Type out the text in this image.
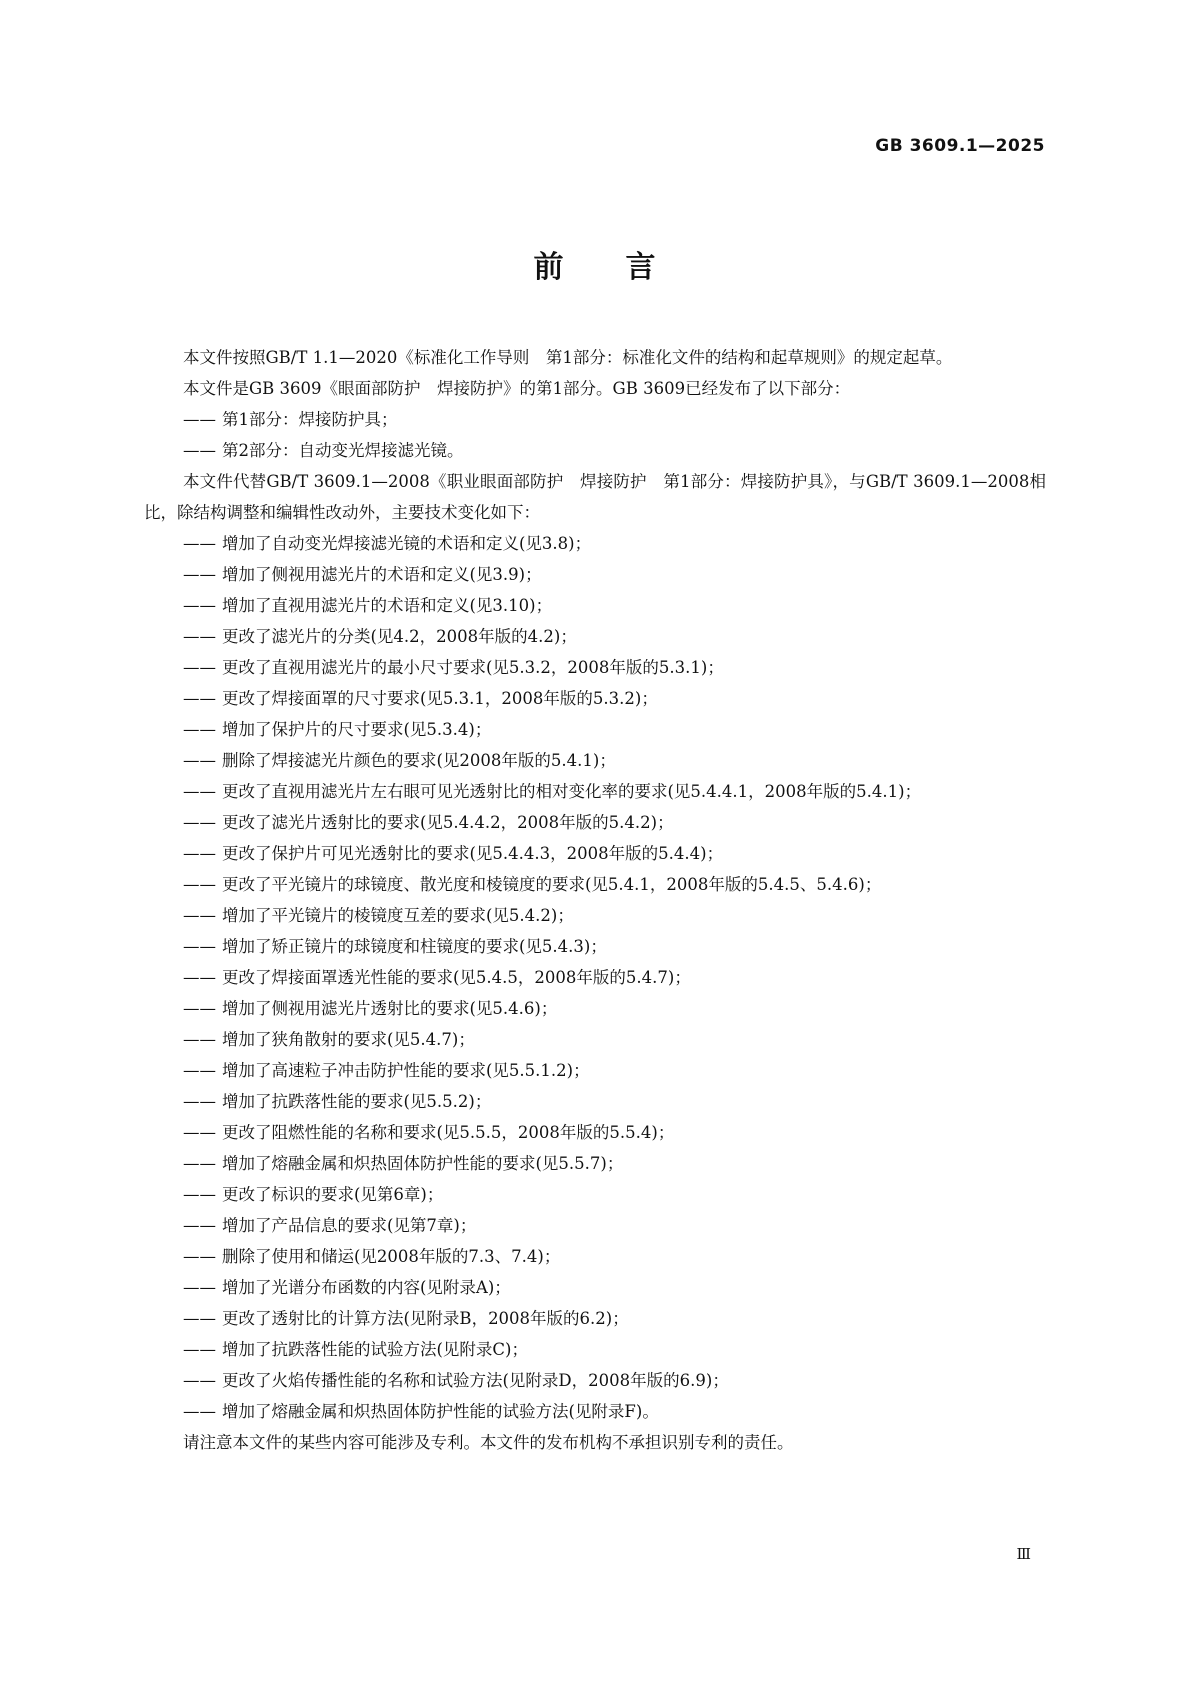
GB 3609.1—2025
前 言

本文件按照GB/T 1.1—2020《标准化工作导则　第1部分：标准化文件的结构和起草规则》的规定起草。

本文件是GB 3609《眼面部防护　焊接防护》的第1部分。GB 3609已经发布了以下部分：

—— 第1部分：焊接防护具；

—— 第2部分：自动变光焊接滤光镜。

本文件代替GB/T 3609.1—2008《职业眼面部防护　焊接防护　第1部分：焊接防护具》，与GB/T 3609.1—2008相比，除结构调整和编辑性改动外，主要技术变化如下：

—— 增加了自动变光焊接滤光镜的术语和定义(见3.8)；

—— 增加了侧视用滤光片的术语和定义(见3.9)；

—— 增加了直视用滤光片的术语和定义(见3.10)；

—— 更改了滤光片的分类(见4.2，2008年版的4.2)；

—— 更改了直视用滤光片的最小尺寸要求(见5.3.2，2008年版的5.3.1)；

—— 更改了焊接面罩的尺寸要求(见5.3.1，2008年版的5.3.2)；

—— 增加了保护片的尺寸要求(见5.3.4)；

—— 删除了焊接滤光片颜色的要求(见2008年版的5.4.1)；

—— 更改了直视用滤光片左右眼可见光透射比的相对变化率的要求(见5.4.4.1，2008年版的5.4.1)；

—— 更改了滤光片透射比的要求(见5.4.4.2，2008年版的5.4.2)；

—— 更改了保护片可见光透射比的要求(见5.4.4.3，2008年版的5.4.4)；

—— 更改了平光镜片的球镜度、散光度和棱镜度的要求(见5.4.1，2008年版的5.4.5、5.4.6)；

—— 增加了平光镜片的棱镜度互差的要求(见5.4.2)；

—— 增加了矫正镜片的球镜度和柱镜度的要求(见5.4.3)；

—— 更改了焊接面罩透光性能的要求(见5.4.5，2008年版的5.4.7)；

—— 增加了侧视用滤光片透射比的要求(见5.4.6)；

—— 增加了狭角散射的要求(见5.4.7)；

—— 增加了高速粒子冲击防护性能的要求(见5.5.1.2)；

—— 增加了抗跌落性能的要求(见5.5.2)；

—— 更改了阻燃性能的名称和要求(见5.5.5，2008年版的5.5.4)；

—— 增加了熔融金属和炽热固体防护性能的要求(见5.5.7)；

—— 更改了标识的要求(见第6章)；

—— 增加了产品信息的要求(见第7章)；

—— 删除了使用和储运(见2008年版的7.3、7.4)；

—— 增加了光谱分布函数的内容(见附录A)；

—— 更改了透射比的计算方法(见附录B，2008年版的6.2)；

—— 增加了抗跌落性能的试验方法(见附录C)；

—— 更改了火焰传播性能的名称和试验方法(见附录D，2008年版的6.9)；

—— 增加了熔融金属和炽热固体防护性能的试验方法(见附录F)。

请注意本文件的某些内容可能涉及专利。本文件的发布机构不承担识别专利的责任。

Ⅲ
